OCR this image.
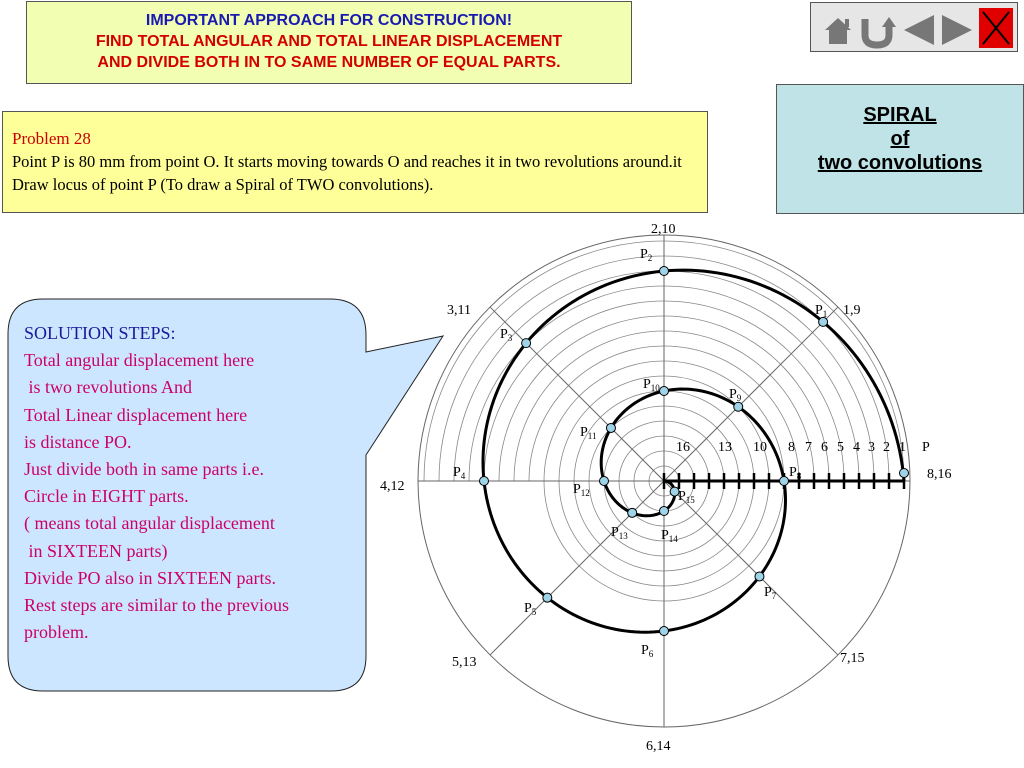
IMPORTANT APPROACH FOR CONSTRUCTION!
FIND TOTAL ANGULAR AND TOTAL LINEAR DISPLACEMENT
AND DIVIDE BOTH IN TO SAME NUMBER OF EQUAL PARTS.
Problem 28
Point P is 80 mm from point O. It starts moving towards O and reaches it in two revolutions around.it Draw locus of point P (To draw a Spiral of TWO convolutions).
SPIRAL
of
two convolutions
8,16
1,9
2,10
3,11
4,12
5,13
6,14
7,15
16 13 10 8 7 6 5 4 3 2 1 P
$P_1$
$P_2$
$P_3$
$P_4$
$P_5$
$P_6$
$P_7$
$P_8$
$P_9$
$P_{10}$
$P_{11}$
$P_{12}$
$P_{13}$ $P_{14}$
$P_{15}$
SOLUTION STEPS:
Total angular displacement here
is two revolutions And
Total Linear displacement here
is distance PO.
Just divide both in same parts i.e.
Circle in EIGHT parts.
( means total angular displacement
in SIXTEEN parts)
Divide PO also in SIXTEEN parts.
Rest steps are similar to the previous
problem.
